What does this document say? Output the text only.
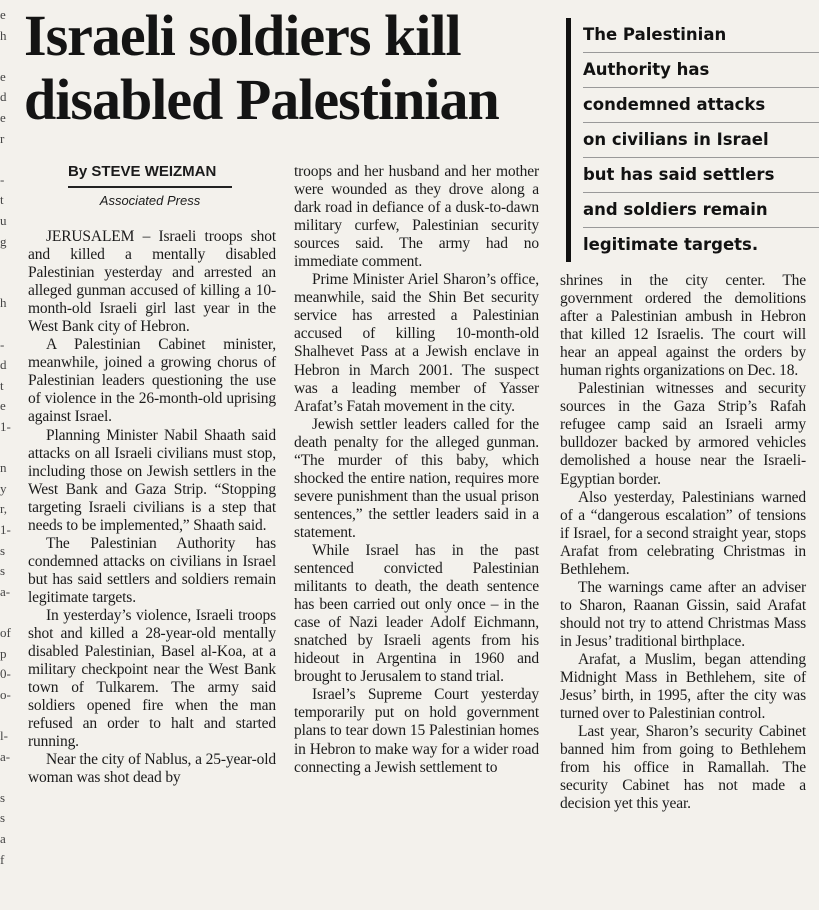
e
h
e
d
e
r
-
t
u
g
h
-
d
t
e
1-
n
y
r,
1-
s
s
a-
of
p
0-
o-
l-
a-
s
s
a
f
Israeli soldiers kill disabled Palestinian
By STEVE WEIZMAN
Associated Press
The Palestinian
Authority has
condemned attacks
on civilians in Israel
but has said settlers
and soldiers remain
legitimate targets.

JERUSALEM – Israeli troops shot and killed a mentally disabled Palestinian yesterday and arrested an alleged gunman accused of killing a 10-month-old Israeli girl last year in the West Bank city of Hebron.

A Palestinian Cabinet minister, meanwhile, joined a growing chorus of Palestinian leaders questioning the use of violence in the 26-month-old uprising against Israel.

Planning Minister Nabil Shaath said attacks on all Israeli civilians must stop, including those on Jewish settlers in the West Bank and Gaza Strip. “Stopping targeting Israeli civilians is a step that needs to be implemented,” Shaath said.

The Palestinian Authority has condemned attacks on civilians in Israel but has said settlers and soldiers remain legitimate targets.

In yesterday’s violence, Israeli troops shot and killed a 28-year-old mentally disabled Palestinian, Basel al-Koa, at a military checkpoint near the West Bank town of Tulkarem. The army said soldiers opened fire when the man refused an order to halt and started running.

Near the city of Nablus, a 25-year-old woman was shot dead by

troops and her husband and her mother were wounded as they drove along a dark road in defiance of a dusk-to-dawn military curfew, Palestinian security sources said. The army had no immediate comment.

Prime Minister Ariel Sharon’s office, meanwhile, said the Shin Bet security service has arrested a Palestinian accused of killing 10-month-old Shalhevet Pass at a Jewish enclave in Hebron in March 2001. The suspect was a leading member of Yasser Arafat’s Fatah movement in the city.

Jewish settler leaders called for the death penalty for the alleged gunman. “The murder of this baby, which shocked the entire nation, requires more severe punishment than the usual prison sentences,” the settler leaders said in a statement.

While Israel has in the past sentenced convicted Palestinian militants to death, the death sentence has been carried out only once – in the case of Nazi leader Adolf Eichmann, snatched by Israeli agents from his hideout in Argentina in 1960 and brought to Jerusalem to stand trial.

Israel’s Supreme Court yesterday temporarily put on hold government plans to tear down 15 Palestinian homes in Hebron to make way for a wider road connecting a Jewish settlement to

shrines in the city center. The government ordered the demolitions after a Palestinian ambush in Hebron that killed 12 Israelis. The court will hear an appeal against the orders by human rights organizations on Dec. 18.

Palestinian witnesses and security sources in the Gaza Strip’s Rafah refugee camp said an Israeli army bulldozer backed by armored vehicles demolished a house near the Israeli-Egyptian border.

Also yesterday, Palestinians warned of a “dangerous escalation” of tensions if Israel, for a second straight year, stops Arafat from celebrating Christmas in Bethlehem.

The warnings came after an adviser to Sharon, Raanan Gissin, said Arafat should not try to attend Christmas Mass in Jesus’ traditional birthplace.

Arafat, a Muslim, began attending Midnight Mass in Bethlehem, site of Jesus’ birth, in 1995, after the city was turned over to Palestinian control.

Last year, Sharon’s security Cabinet banned him from going to Bethlehem from his office in Ramallah. The security Cabinet has not made a decision yet this year.
